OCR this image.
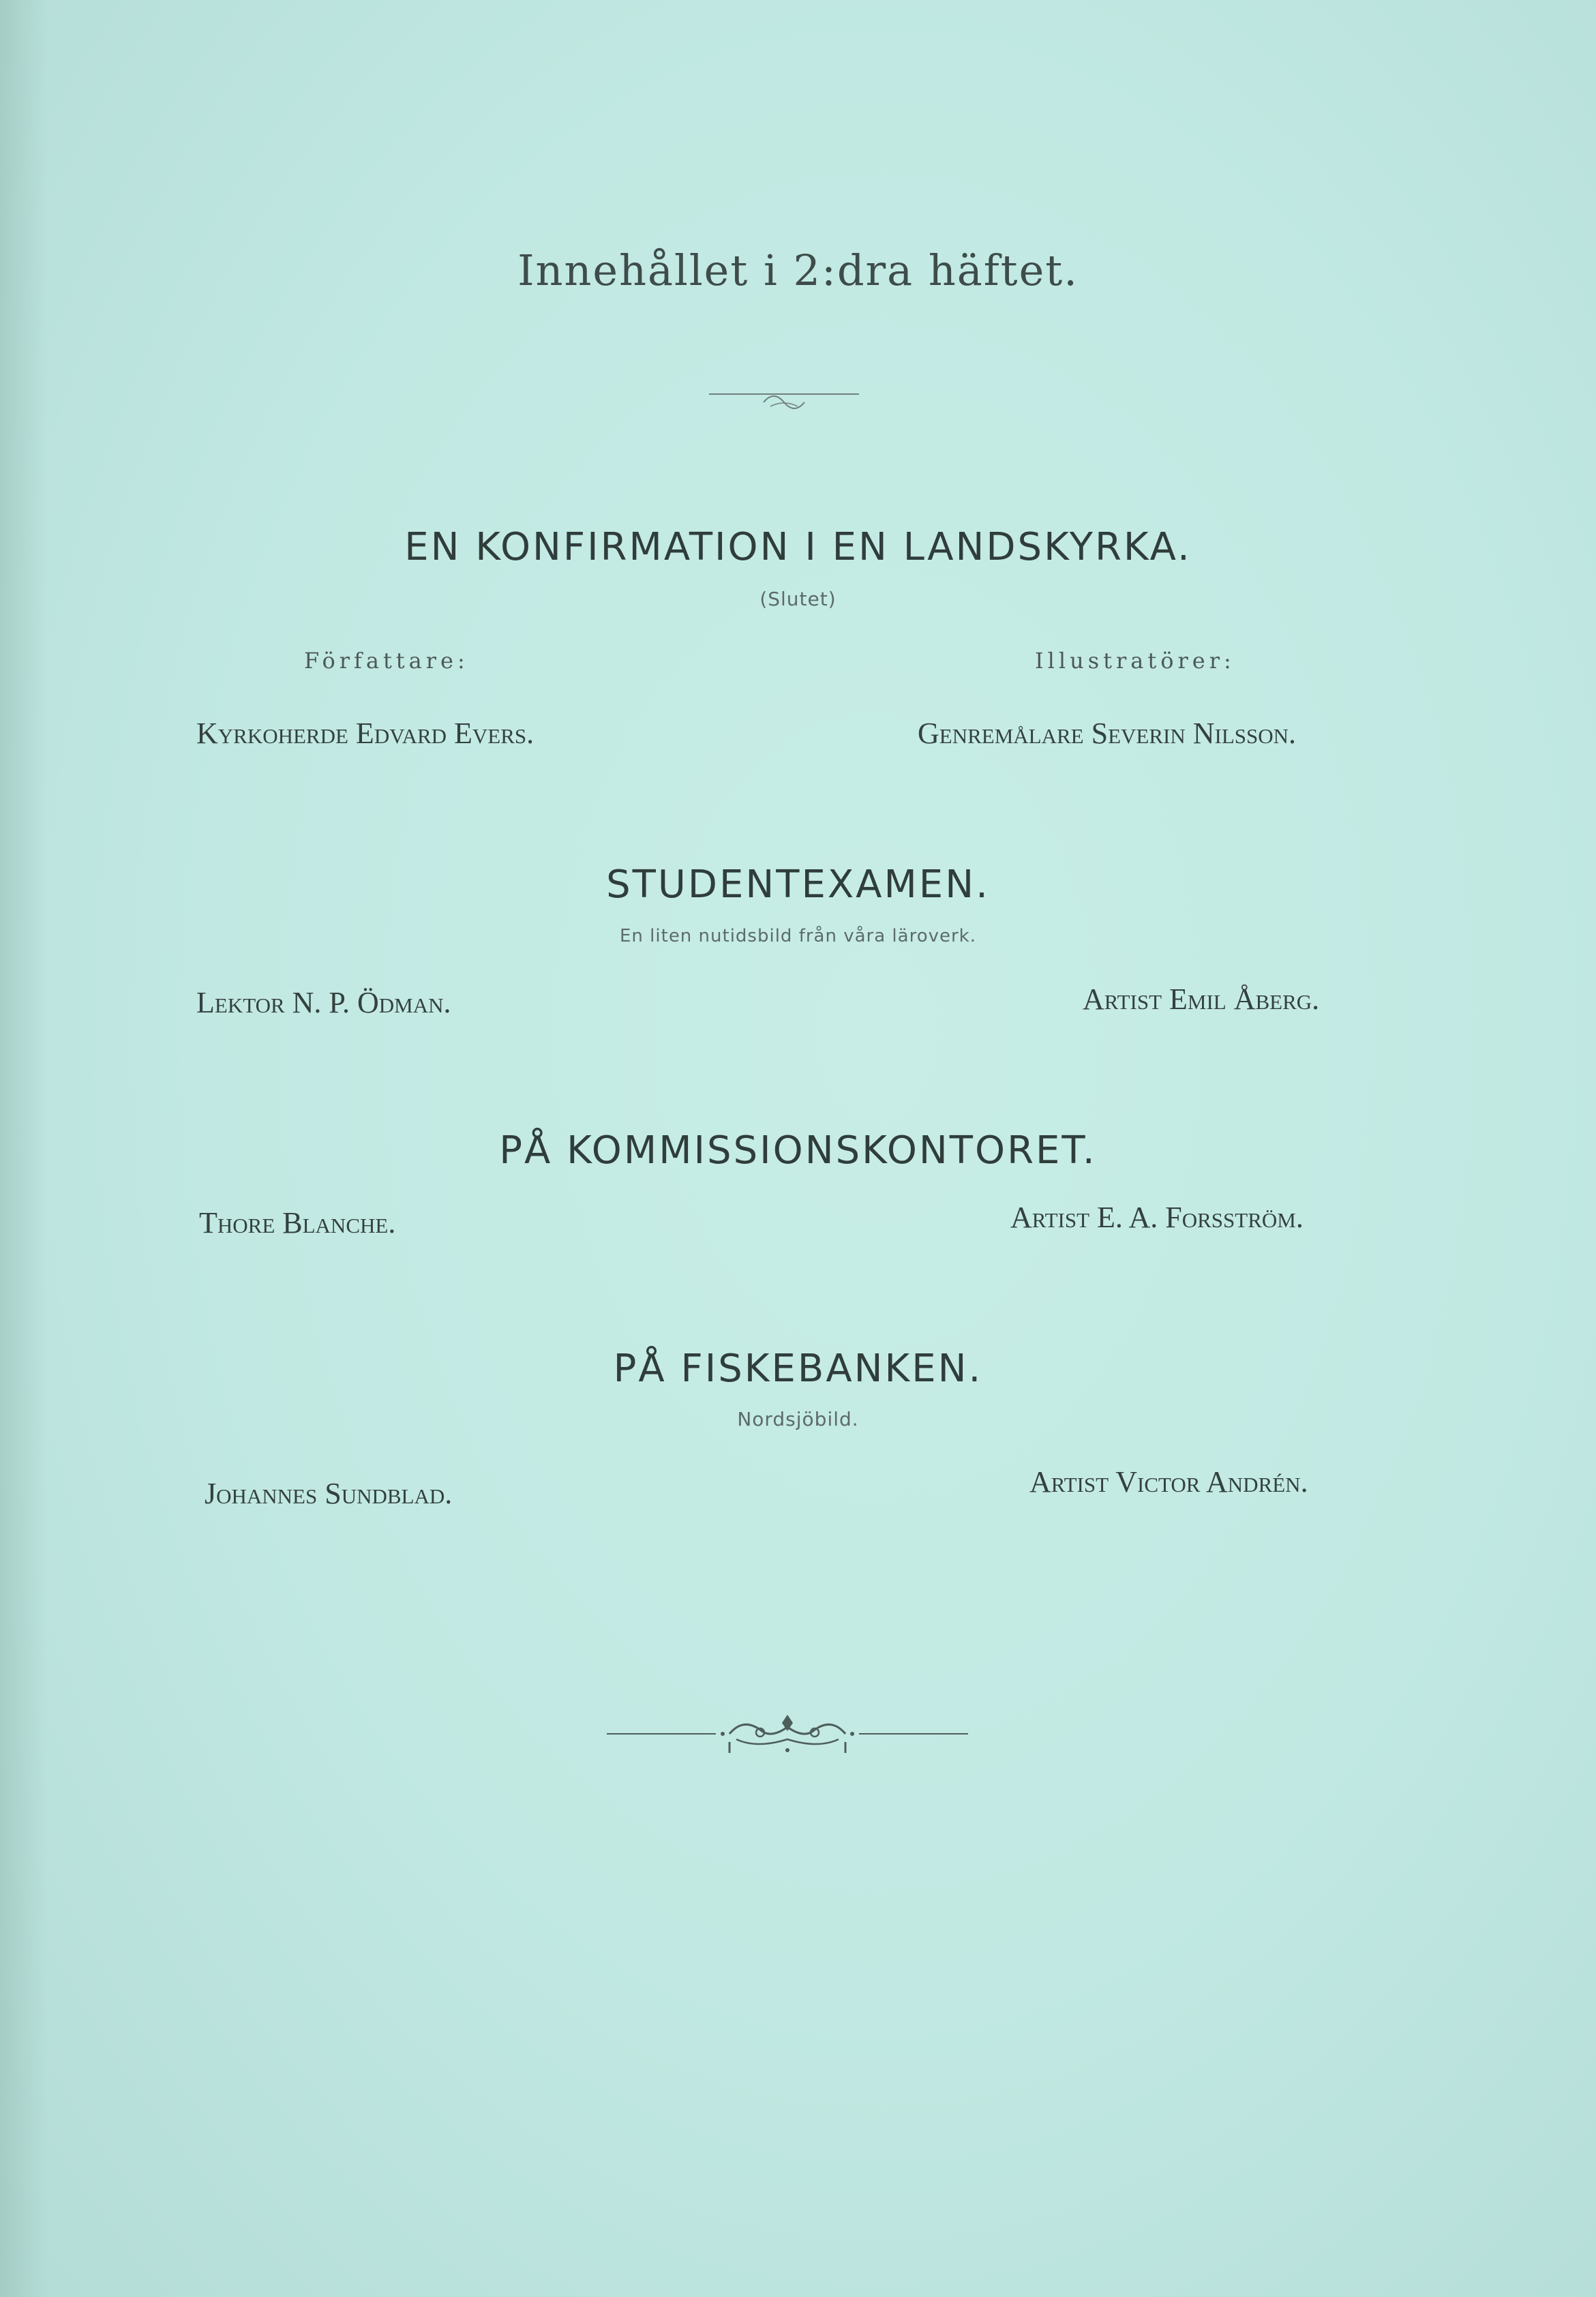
Innehållet i 2:dra häftet.
EN KONFIRMATION I EN LANDSKYRKA.
(Slutet)
Författare:	Illustratörer:
Kyrkoherde Edvard Evers.	Genremålare Severin Nilsson.
STUDENTEXAMEN.
En liten nutidsbild från våra läroverk.
Lektor N. P. Ödman.	Artist Emil Åberg.
PÅ KOMMISSIONSKONTORET.
Thore Blanche.	Artist E. A. Forsström.
PÅ FISKEBANKEN.
Nordsjöbild.
Johannes Sundblad.	Artist Victor Andrén.
